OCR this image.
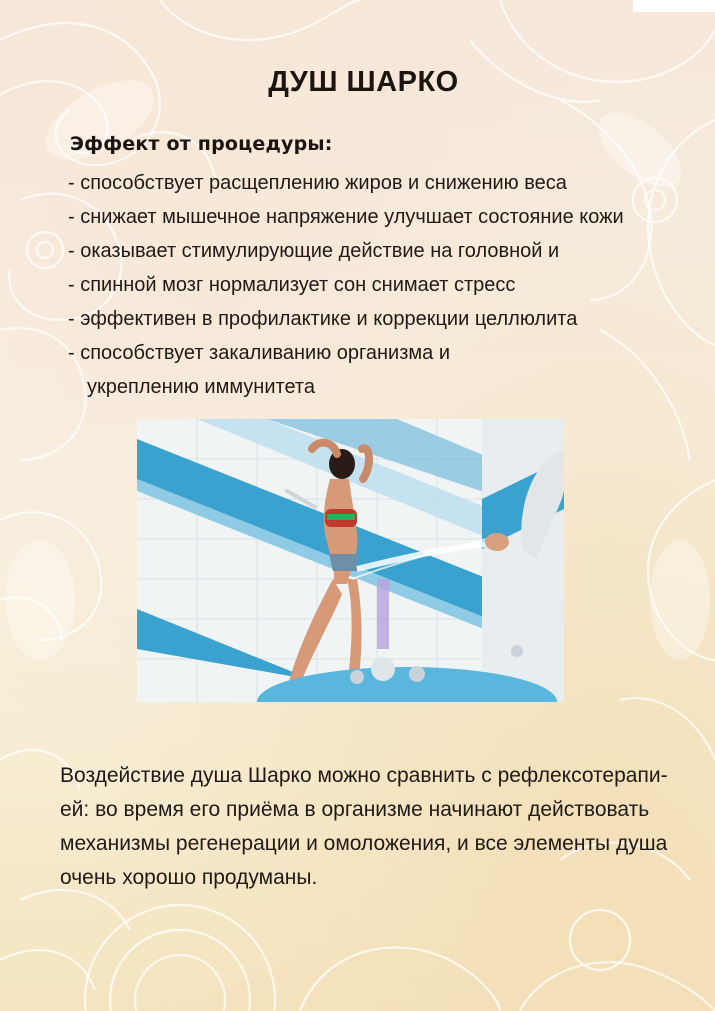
ДУШ ШАРКО
Эффект от процедуры:
- способствует расщеплению жиров и снижению веса
- снижает мышечное напряжение улучшает состояние кожи
- оказывает стимулирующие действие на головной и
- спинной мозг нормализует сон снимает стресс
- эффективен в профилактике и коррекции целлюлита
- способствует закаливанию организма и
укреплению иммунитета

Воздействие душа Шарко можно сравнить с рефлексотерапи-
ей: во время его приёма в организме начинают действовать
механизмы регенерации и омоложения, и все элементы душа
очень хорошо продуманы.
